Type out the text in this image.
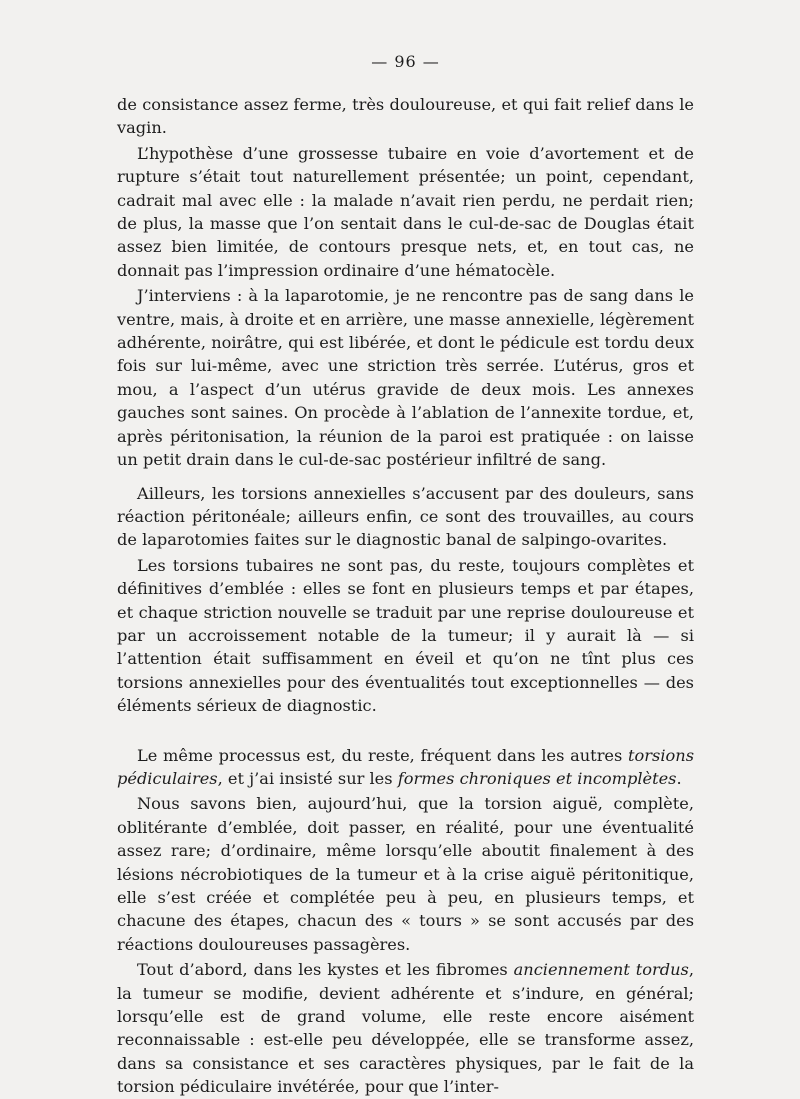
— 96 —

de consistance assez ferme, très douloureuse, et qui fait relief dans le vagin.

L’hypothèse d’une grossesse tubaire en voie d’avortement et de rupture s’était tout naturellement présentée; un point, cependant, cadrait mal avec elle : la malade n’avait rien perdu, ne perdait rien; de plus, la masse que l’on sentait dans le cul-de-sac de Douglas était assez bien limitée, de contours presque nets, et, en tout cas, ne donnait pas l’impression ordinaire d’une hématocèle.

J’interviens : à la laparotomie, je ne rencontre pas de sang dans le ventre, mais, à droite et en arrière, une masse annexielle, légèrement adhérente, noirâtre, qui est libérée, et dont le pédicule est tordu deux fois sur lui-même, avec une striction très serrée. L’utérus, gros et mou, a l’aspect d’un utérus gravide de deux mois. Les annexes gauches sont saines. On procède à l’ablation de l’annexite tordue, et, après péritonisation, la réunion de la paroi est pratiquée : on laisse un petit drain dans le cul-de-sac postérieur infiltré de sang.

Ailleurs, les torsions annexielles s’accusent par des douleurs, sans réaction péritonéale; ailleurs enfin, ce sont des trouvailles, au cours de laparotomies faites sur le diagnostic banal de salpingo-ovarites.

Les torsions tubaires ne sont pas, du reste, toujours complètes et définitives d’emblée : elles se font en plusieurs temps et par étapes, et chaque striction nouvelle se traduit par une reprise douloureuse et par un accroissement notable de la tumeur; il y aurait là — si l’attention était suffisamment en éveil et qu’on ne tînt plus ces torsions annexielles pour des éventualités tout exceptionnelles — des éléments sérieux de diagnostic.

Le même processus est, du reste, fréquent dans les autres torsions pédiculaires, et j’ai insisté sur les formes chroniques et incomplètes.

Nous savons bien, aujourd’hui, que la torsion aiguë, complète, oblitérante d’emblée, doit passer, en réalité, pour une éventualité assez rare; d’ordinaire, même lorsqu’elle aboutit finalement à des lésions nécrobiotiques de la tumeur et à la crise aiguë péritonitique, elle s’est créée et complétée peu à peu, en plusieurs temps, et chacune des étapes, chacun des « tours » se sont accusés par des réactions douloureuses passagères.

Tout d’abord, dans les kystes et les fibromes anciennement tordus, la tumeur se modifie, devient adhérente et s’indure, en général; lorsqu’elle est de grand volume, elle reste encore aisément reconnaissable : est-elle peu développée, elle se transforme assez, dans sa consistance et ses caractères physiques, par le fait de la torsion pédiculaire invétérée, pour que l’inter-
